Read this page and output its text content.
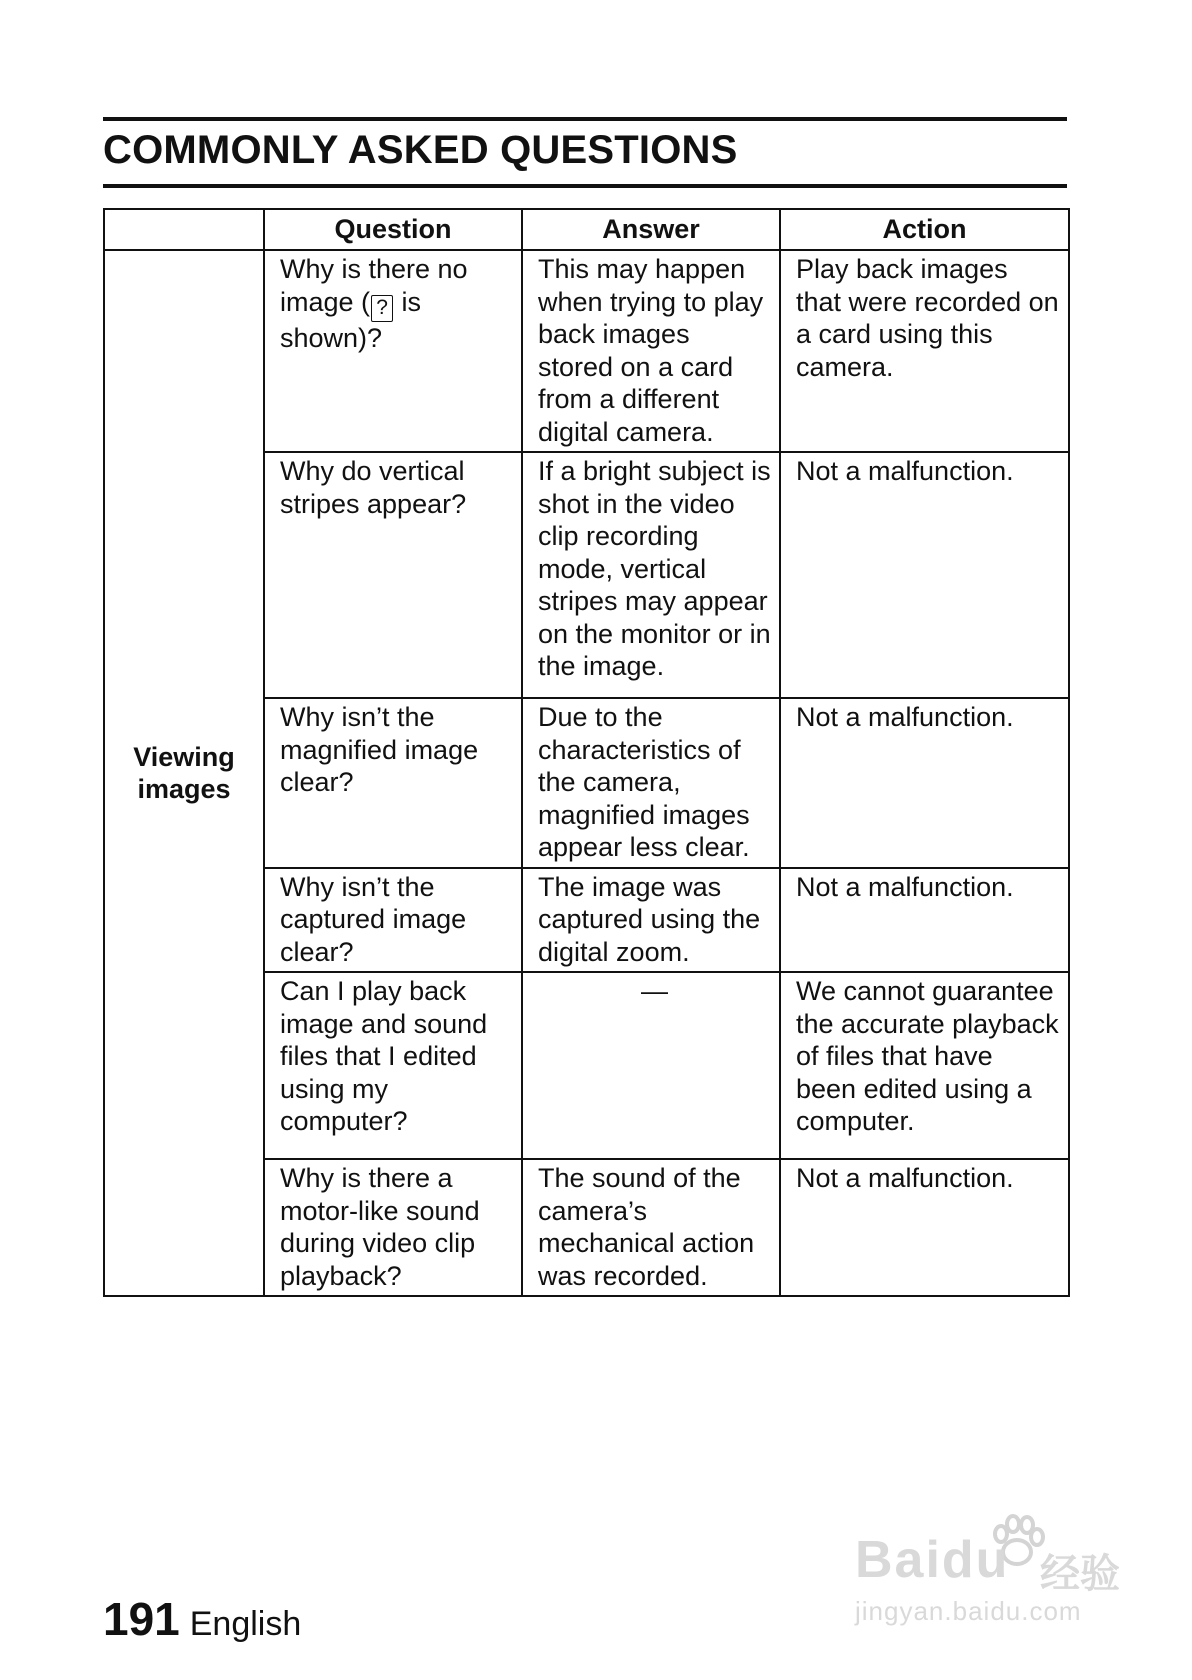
COMMONLY ASKED QUESTIONS
	Question	Answer	Action
Viewing images	Why is there no image ( ? is shown)?	This may happen when trying to play back images stored on a card from a different digital camera.	Play back images that were recorded on a card using this camera.
	Why do vertical stripes appear?	If a bright subject is shot in the video clip recording mode, vertical stripes may appear on the monitor or in the image.	Not a malfunction.
	Why isn’t the magnified image clear?	Due to the characteristics of the camera, magnified images appear less clear.	Not a malfunction.
	Why isn’t the captured image clear?	The image was captured using the digital zoom.	Not a malfunction.
	Can I play back image and sound files that I edited using my computer?	—	We cannot guarantee the accurate playback of files that have been edited using a computer.
	Why is there a motor-like sound during video clip playback?	The sound of the camera’s mechanical action was recorded.	Not a malfunction.
191 English
Baidu 经验
jingyan.baidu.com
